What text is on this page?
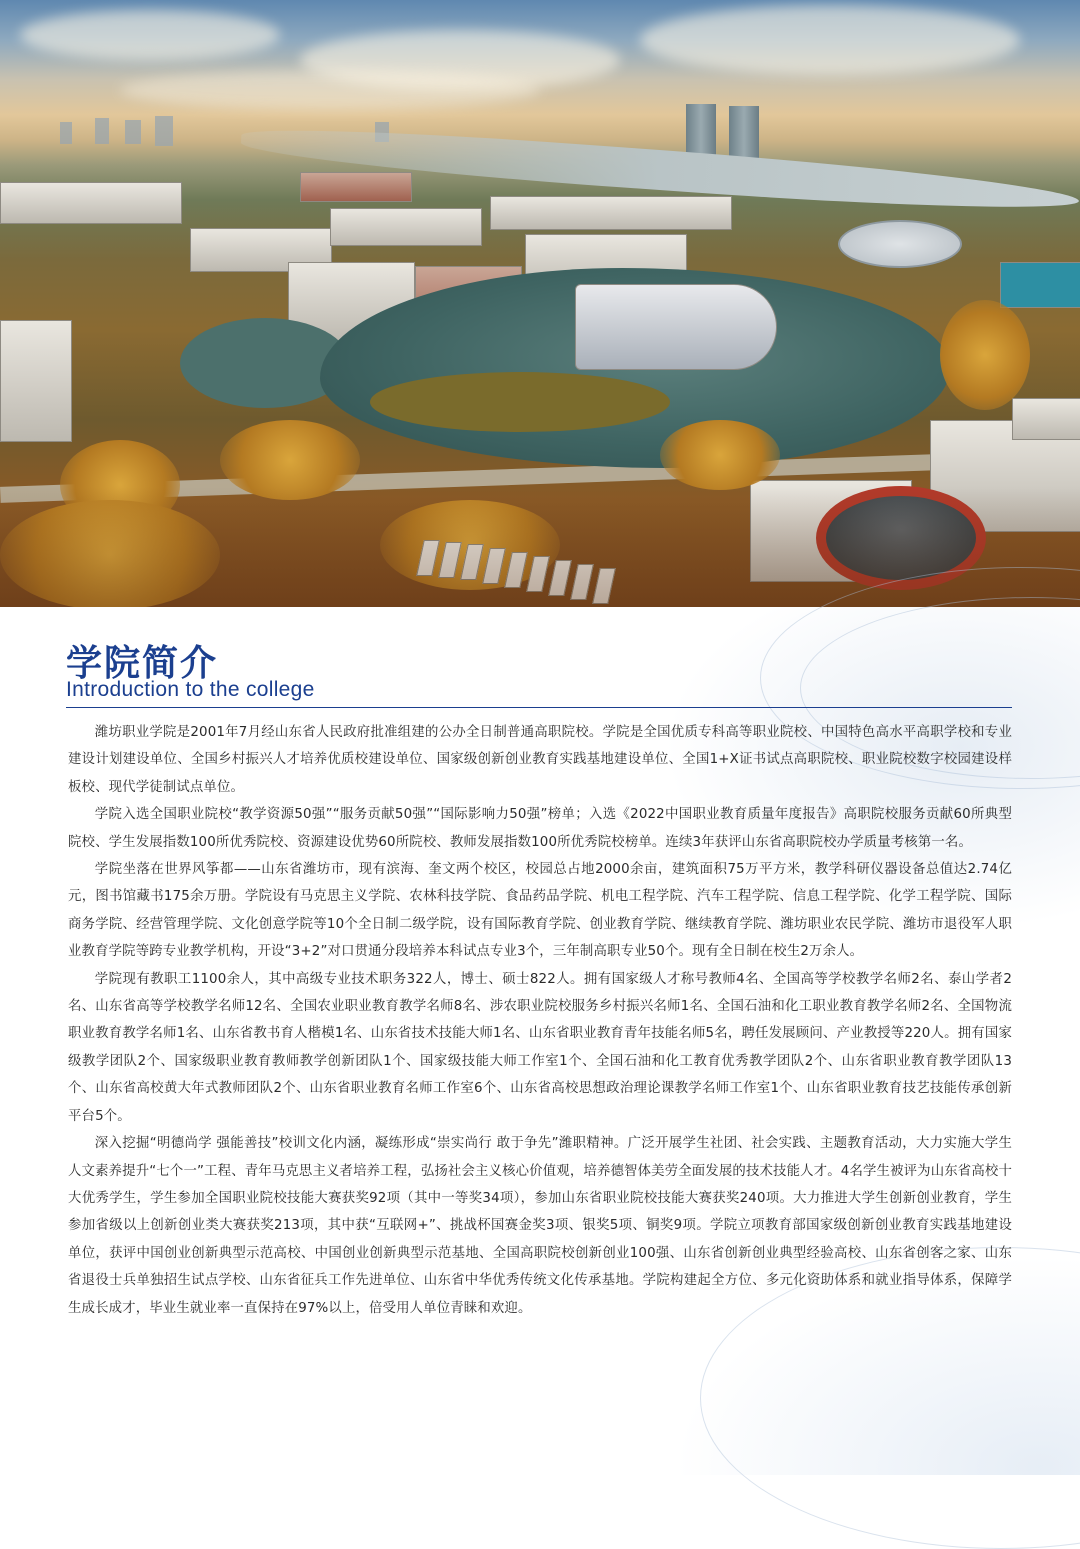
学院简介

Introduction to the college

潍坊职业学院是2001年7月经山东省人民政府批准组建的公办全日制普通高职院校。学院是全国优质专科高等职业院校、中国特色高水平高职学校和专业建设计划建设单位、全国乡村振兴人才培养优质校建设单位、国家级创新创业教育实践基地建设单位、全国1+X证书试点高职院校、职业院校数字校园建设样板校、现代学徒制试点单位。

学院入选全国职业院校“教学资源50强”“服务贡献50强”“国际影响力50强”榜单；入选《2022中国职业教育质量年度报告》高职院校服务贡献60所典型院校、学生发展指数100所优秀院校、资源建设优势60所院校、教师发展指数100所优秀院校榜单。连续3年获评山东省高职院校办学质量考核第一名。

学院坐落在世界风筝都——山东省潍坊市，现有滨海、奎文两个校区，校园总占地2000余亩，建筑面积75万平方米，教学科研仪器设备总值达2.74亿元，图书馆藏书175余万册。学院设有马克思主义学院、农林科技学院、食品药品学院、机电工程学院、汽车工程学院、信息工程学院、化学工程学院、国际商务学院、经营管理学院、文化创意学院等10个全日制二级学院，设有国际教育学院、创业教育学院、继续教育学院、潍坊职业农民学院、潍坊市退役军人职业教育学院等跨专业教学机构，开设“3+2”对口贯通分段培养本科试点专业3个，三年制高职专业50个。现有全日制在校生2万余人。

学院现有教职工1100余人，其中高级专业技术职务322人，博士、硕士822人。拥有国家级人才称号教师4名、全国高等学校教学名师2名、泰山学者2名、山东省高等学校教学名师12名、全国农业职业教育教学名师8名、涉农职业院校服务乡村振兴名师1名、全国石油和化工职业教育教学名师2名、全国物流职业教育教学名师1名、山东省教书育人楷模1名、山东省技术技能大师1名、山东省职业教育青年技能名师5名，聘任发展顾问、产业教授等220人。拥有国家级教学团队2个、国家级职业教育教师教学创新团队1个、国家级技能大师工作室1个、全国石油和化工教育优秀教学团队2个、山东省职业教育教学团队13个、山东省高校黄大年式教师团队2个、山东省职业教育名师工作室6个、山东省高校思想政治理论课教学名师工作室1个、山东省职业教育技艺技能传承创新平台5个。

深入挖掘“明德尚学 强能善技”校训文化内涵，凝练形成“崇实尚行 敢于争先”潍职精神。广泛开展学生社团、社会实践、主题教育活动，大力实施大学生人文素养提升“七个一”工程、青年马克思主义者培养工程，弘扬社会主义核心价值观，培养德智体美劳全面发展的技术技能人才。4名学生被评为山东省高校十大优秀学生，学生参加全国职业院校技能大赛获奖92项（其中一等奖34项），参加山东省职业院校技能大赛获奖240项。大力推进大学生创新创业教育，学生参加省级以上创新创业类大赛获奖213项，其中获“互联网+”、挑战杯国赛金奖3项、银奖5项、铜奖9项。学院立项教育部国家级创新创业教育实践基地建设单位，获评中国创业创新典型示范高校、中国创业创新典型示范基地、全国高职院校创新创业100强、山东省创新创业典型经验高校、山东省创客之家、山东省退役士兵单独招生试点学校、山东省征兵工作先进单位、山东省中华优秀传统文化传承基地。学院构建起全方位、多元化资助体系和就业指导体系，保障学生成长成才，毕业生就业率一直保持在97%以上，倍受用人单位青睐和欢迎。
